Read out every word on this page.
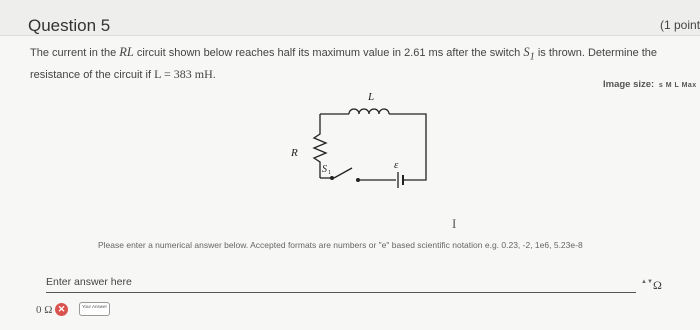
Question 5	(1 point
The current in the RL circuit shown below reaches half its maximum value in 2.61 ms after the switch $S_1$ is thrown. Determine the
resistance of the circuit if L = 383 mH.
Image size: s M L Max
L
R
S 1
ε
I
Please enter a numerical answer below. Accepted formats are numbers or "e" based scientific notation e.g. 0.23, -2, 1e6, 5.23e-8
Enter answer here
▲▼ Ω
0 Ω ✕	Your Answer
